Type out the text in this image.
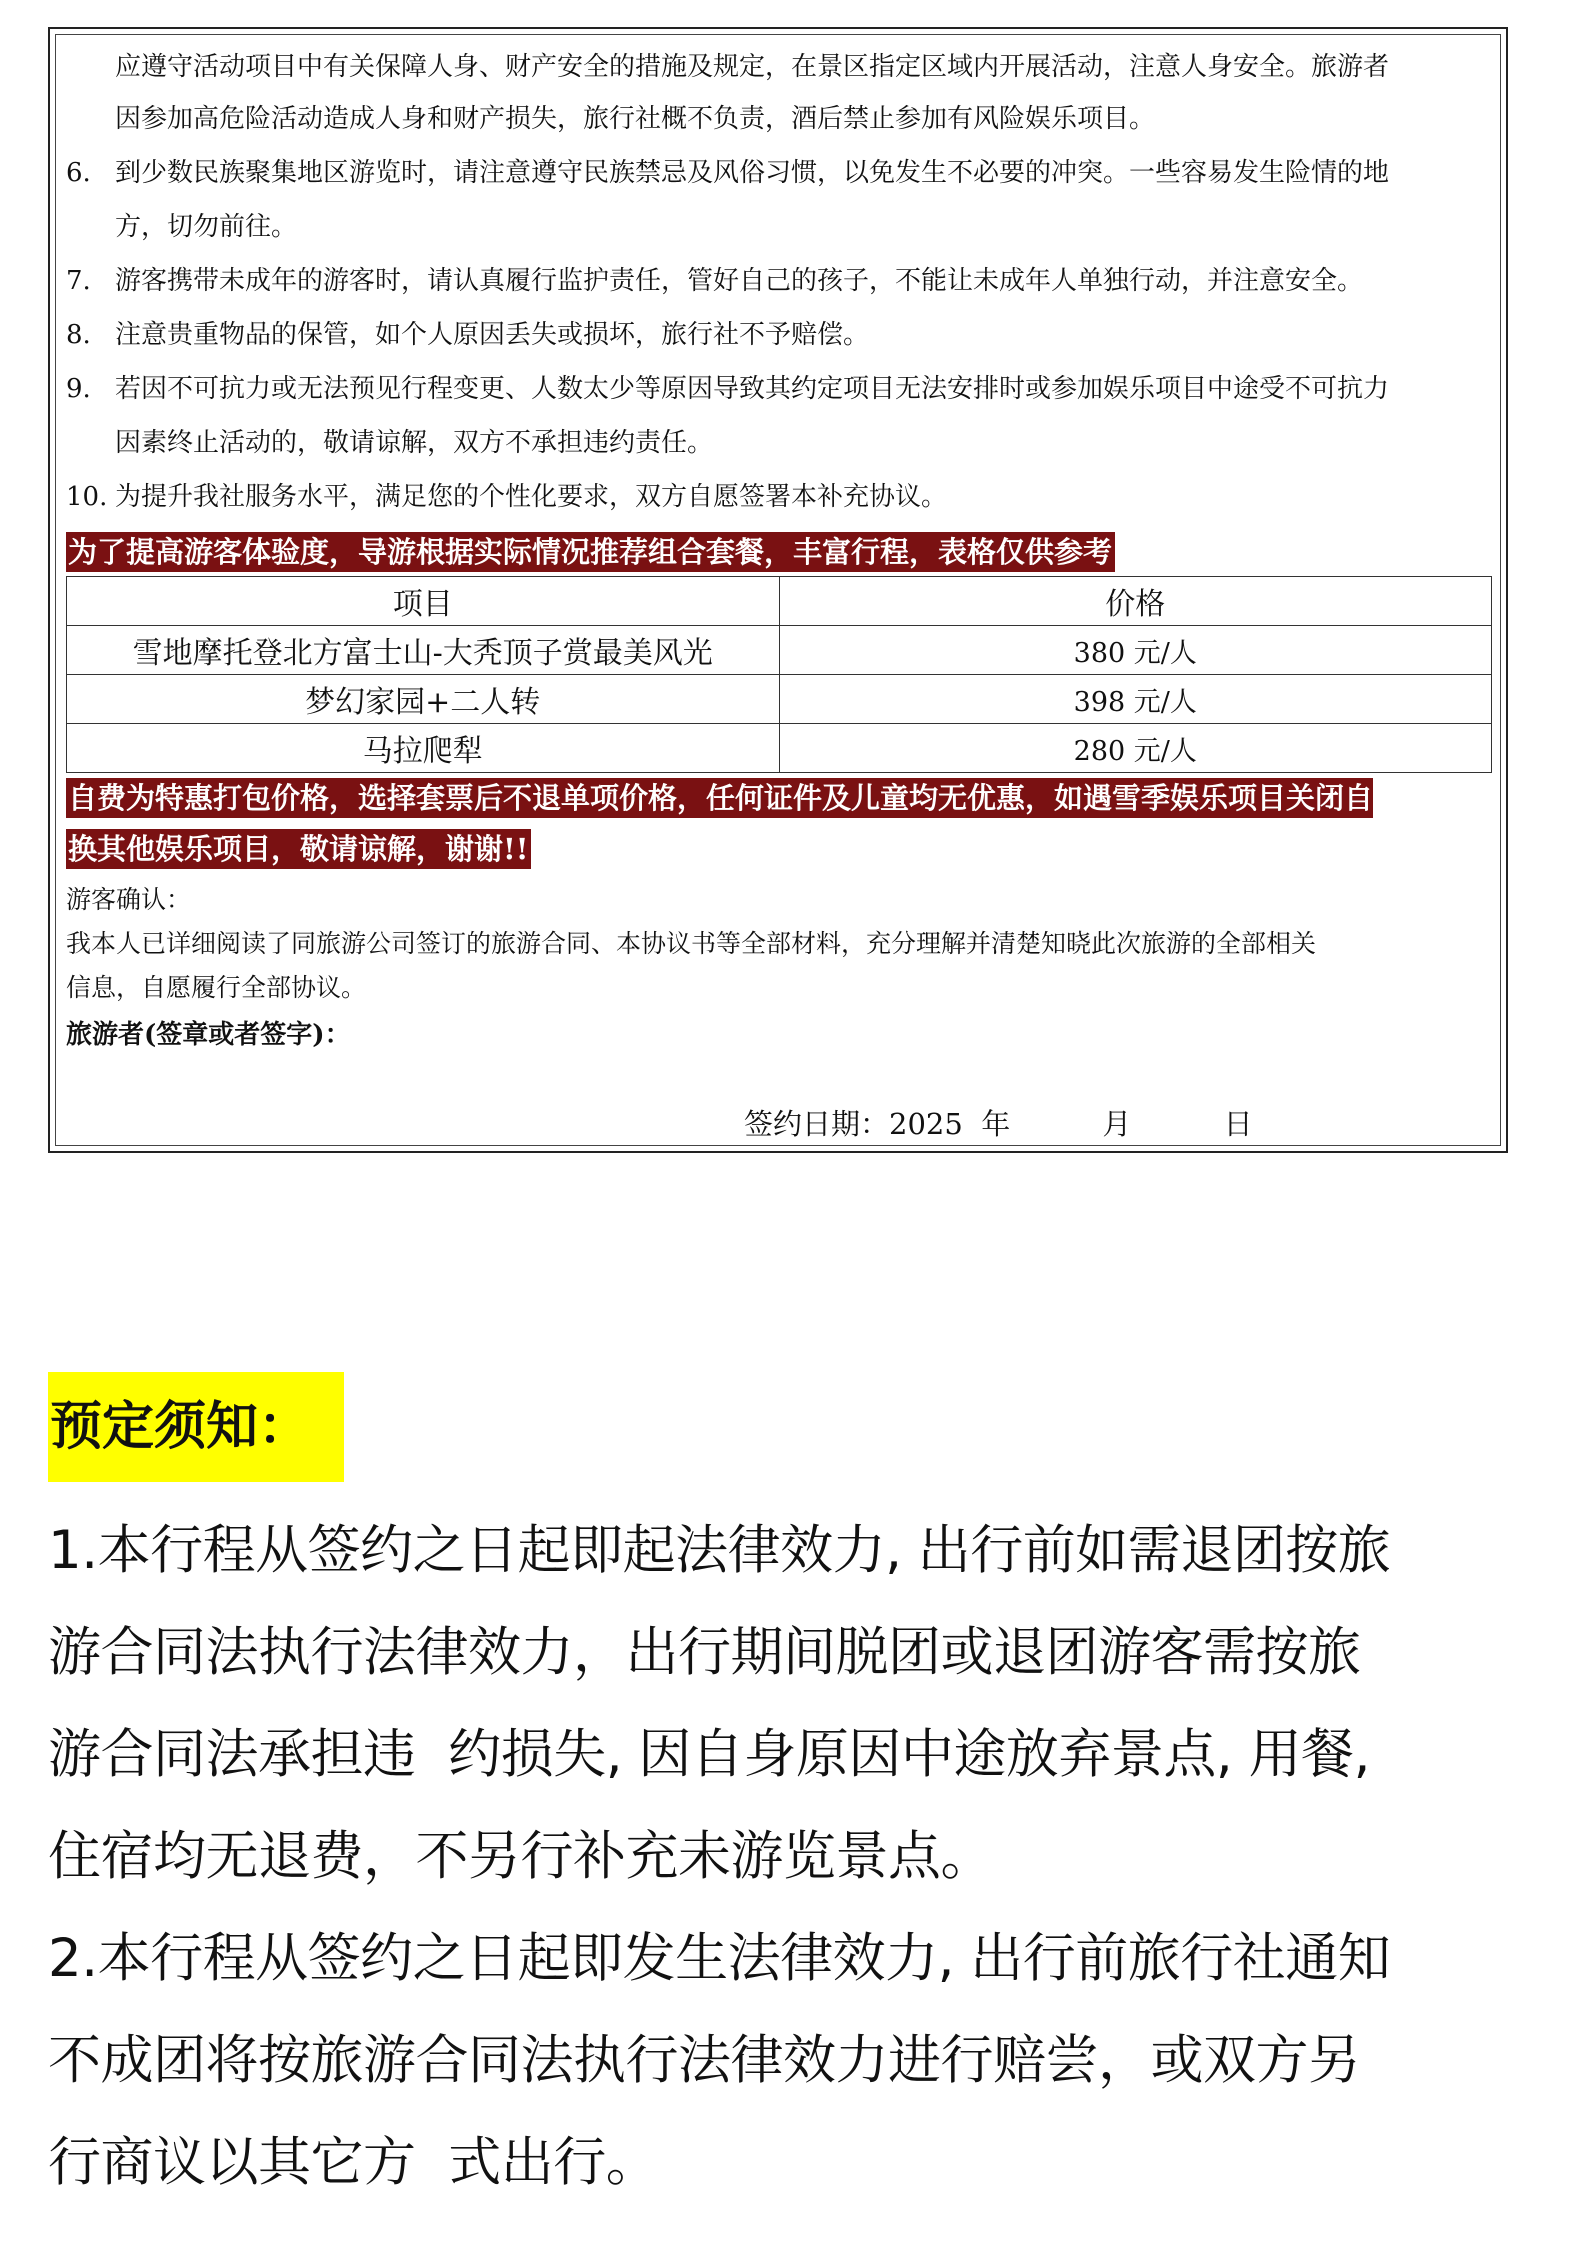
应遵守活动项目中有关保障人身、财产安全的措施及规定，在景区指定区域内开展活动，注意人身安全。旅游者
因参加高危险活动造成人身和财产损失，旅行社概不负责，酒后禁止参加有风险娱乐项目。
6. 到少数民族聚集地区游览时，请注意遵守民族禁忌及风俗习惯，以免发生不必要的冲突。一些容易发生险情的地
方，切勿前往。
7. 游客携带未成年的游客时，请认真履行监护责任，管好自己的孩子，不能让未成年人单独行动，并注意安全。
8. 注意贵重物品的保管，如个人原因丢失或损坏，旅行社不予赔偿。
9. 若因不可抗力或无法预见行程变更、人数太少等原因导致其约定项目无法安排时或参加娱乐项目中途受不可抗力
因素终止活动的，敬请谅解，双方不承担违约责任。
10. 为提升我社服务水平，满足您的个性化要求，双方自愿签署本补充协议。
为了提高游客体验度，导游根据实际情况推荐组合套餐，丰富行程，表格仅供参考
项目	价格
雪地摩托登北方富士山-大秃顶子赏最美风光	380 元/人
梦幻家园+二人转	398 元/人
马拉爬犁	280 元/人
自费为特惠打包价格，选择套票后不退单项价格，任何证件及儿童均无优惠，如遇雪季娱乐项目关闭自
换其他娱乐项目，敬请谅解，谢谢!!
游客确认：
我本人已详细阅读了同旅游公司签订的旅游合同、本协议书等全部材料，充分理解并清楚知晓此次旅游的全部相关
信息，自愿履行全部协议。
旅游者(签章或者签字)：
签约日期：2025  年          月          日
预定须知：
1.本行程从签约之日起即起法律效力, 出行前如需退团按旅
游合同法执行法律效力，出行期间脱团或退团游客需按旅
游合同法承担违  约损失, 因自身原因中途放弃景点, 用餐,
住宿均无退费，不另行补充未游览景点。
2.本行程从签约之日起即发生法律效力, 出行前旅行社通知
不成团将按旅游合同法执行法律效力进行赔尝，或双方另
行商议以其它方  式出行。
